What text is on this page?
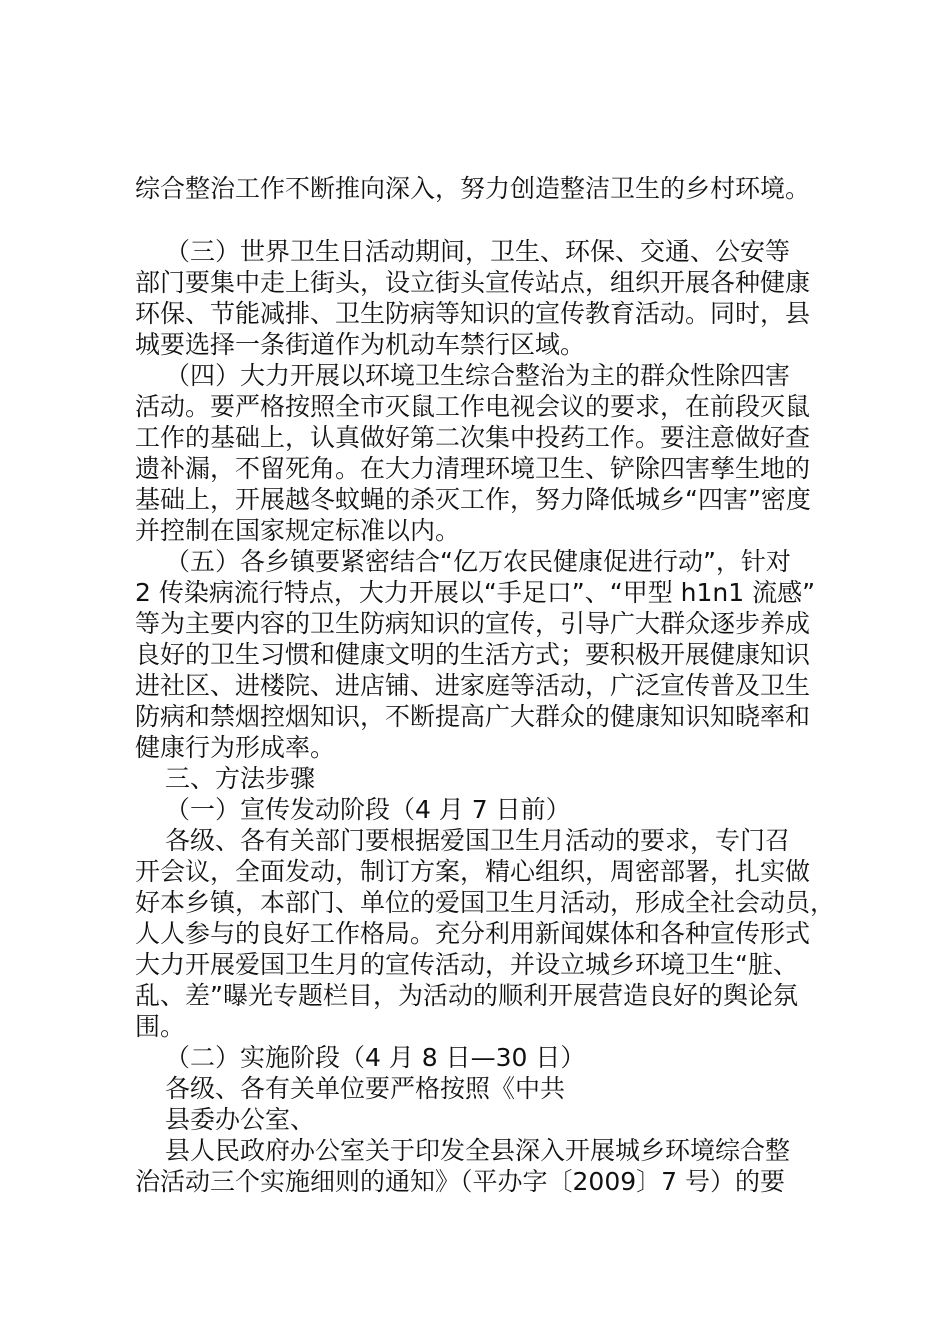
综合整治工作不断推向深入，努力创造整洁卫生的乡村环境。

（三）世界卫生日活动期间，卫生、环保、交通、公安等

部门要集中走上街头，设立街头宣传站点，组织开展各种健康

环保、节能减排、卫生防病等知识的宣传教育活动。同时，县

城要选择一条街道作为机动车禁行区域。

（四）大力开展以环境卫生综合整治为主的群众性除四害

活动。要严格按照全市灭鼠工作电视会议的要求，在前段灭鼠

工作的基础上，认真做好第二次集中投药工作。要注意做好查

遗补漏，不留死角。在大力清理环境卫生、铲除四害孳生地的

基础上，开展越冬蚊蝇的杀灭工作，努力降低城乡“四害”密度

并控制在国家规定标准以内。

（五）各乡镇要紧密结合“亿万农民健康促进行动”，针对

2 传染病流行特点，大力开展以“手足口”、“甲型 h1n1 流感”

等为主要内容的卫生防病知识的宣传，引导广大群众逐步养成

良好的卫生习惯和健康文明的生活方式；要积极开展健康知识

进社区、进楼院、进店铺、进家庭等活动，广泛宣传普及卫生

防病和禁烟控烟知识，不断提高广大群众的健康知识知晓率和

健康行为形成率。

三、方法步骤

（一）宣传发动阶段（4 月 7 日前）

各级、各有关部门要根据爱国卫生月活动的要求，专门召

开会议，全面发动，制订方案，精心组织，周密部署，扎实做

好本乡镇，本部门、单位的爱国卫生月活动，形成全社会动员，

人人参与的良好工作格局。充分利用新闻媒体和各种宣传形式

大力开展爱国卫生月的宣传活动，并设立城乡环境卫生“脏、

乱、差”曝光专题栏目，为活动的顺利开展营造良好的舆论氛

围。

（二）实施阶段（4 月 8 日—30 日）

各级、各有关单位要严格按照《中共

县委办公室、

县人民政府办公室关于印发全县深入开展城乡环境综合整

治活动三个实施细则的通知》（平办字〔2009〕7 号）的要
